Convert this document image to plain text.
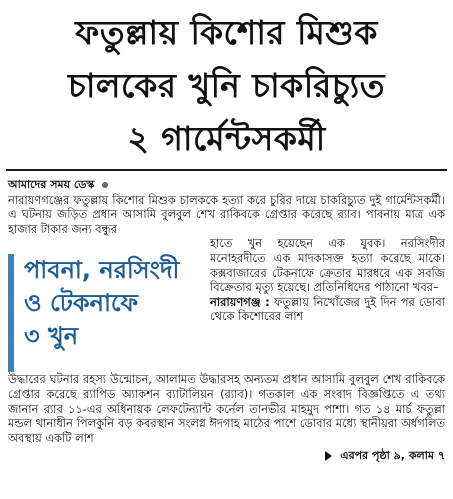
ফতুল্লায় কিশোর মিশুক
চালকের খুনি চাকরিচ্যুত
২ গার্মেন্টসকর্মী
আমাদের সময় ডেস্ক
নারায়ণগঞ্জের ফতুল্লায় কিশোর মিশুক চালককে হত্যা করে চুরির দায়ে চাকরিচ্যুত দুই গার্মেন্টসকর্মী। এ ঘটনায় জড়িত প্রধান আসামি বুলবুল শেখ রাকিবকে গ্রেপ্তার করেছে র‌্যাব। পাবনায় মাত্র এক হাজার টাকার জন্য বন্ধুর
পাবনা, নরসিংদী
ও টেকনাফে
৩ খুন
হাতে খুন হয়েছেন এক যুবক। নরসিংদীর মনোহরদীতে এক মাদকাসক্ত হত্যা করেছে মাকে। কক্সবাজারের টেকনাফে ক্রেতার মারধরে এক সবজি বিক্রেতার মৃত্যু হয়েছে। প্রতিনিধিদের পাঠানো খবর–
নারায়ণগঞ্জ : ফতুল্লায় নিখোঁজের দুই দিন পর ডোবা থেকে কিশোরের লাশ
উদ্ধারের ঘটনার রহস্য উন্মোচন, আলামত উদ্ধারসহ অন্যতম প্রধান আসামি বুলবুল শেখ রাকিবকে গ্রেপ্তার করেছে র‍্যাপিড অ্যাকশন ব্যাটালিয়ন (র‍্যাব)। গতকাল এক সংবাদ বিজ্ঞপ্তিতে এ তথ্য জানান র‍্যাব ১১-এর অধিনায়ক লেফটেন্যান্ট কর্নেল তানভীর মাহমুদ পাশা। গত ১৪ মার্চ ফতুল্লা মন্ডল থানাধীন পিলকুনি বড় কবরস্থান সংলগ্ন ঈদগাহ মাঠের পাশে ডোবার মধ্যে স্থানীয়রা অর্ধগলিত অবস্থায় একটি লাশ
এরপর পৃষ্ঠা ৯, কলাম ৭
